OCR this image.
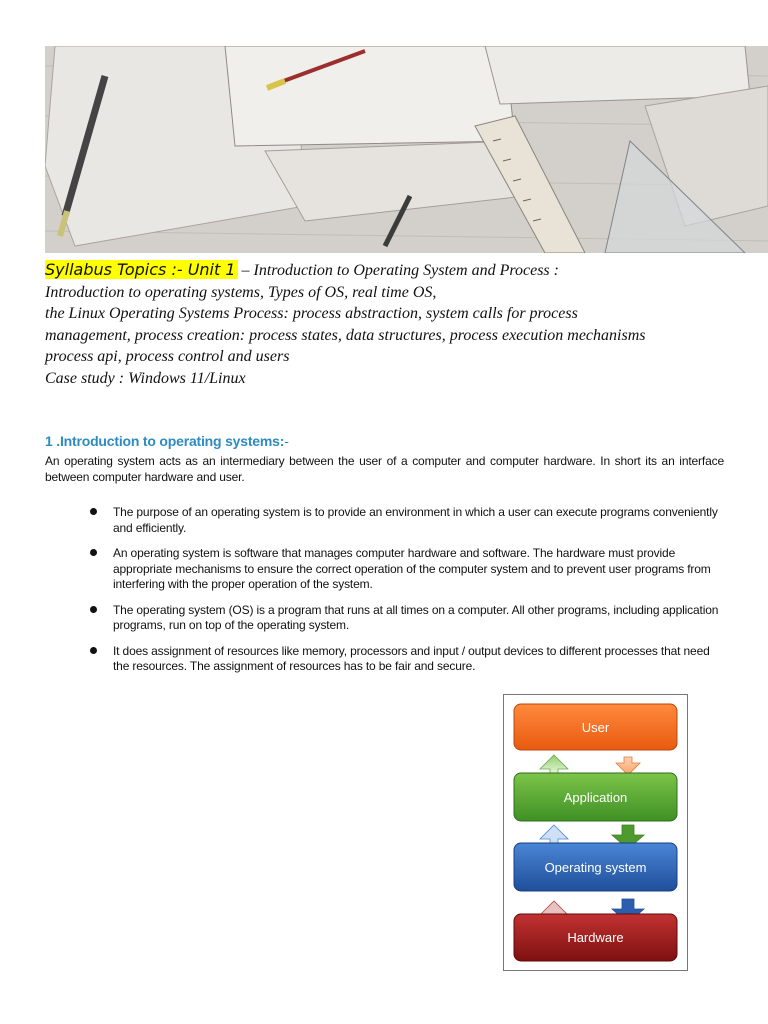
Syllabus Topics :- Unit 1 – Introduction to Operating System and Process :

Introduction to operating systems, Types of OS, real time OS,

the Linux Operating Systems Process: process abstraction, system calls for process

management, process creation: process states, data structures, process execution mechanisms

process api, process control and users

Case study : Windows 11/Linux

1 .Introduction to operating systems:-

An operating system acts as an intermediary between the user of a computer and computer hardware. In short its an interface between computer hardware and user.

The purpose of an operating system is to provide an environment in which a user can execute programs conveniently and efficiently.
An operating system is software that manages computer hardware and software. The hardware must provide appropriate mechanisms to ensure the correct operation of the computer system and to prevent user programs from interfering with the proper operation of the system.
The operating system (OS) is a program that runs at all times on a computer. All other programs, including application programs, run on top of the operating system.
It does assignment of resources like memory, processors and input / output devices to different processes that need the resources. The assignment of resources has to be fair and secure.
User
Application
Operating system
Hardware
